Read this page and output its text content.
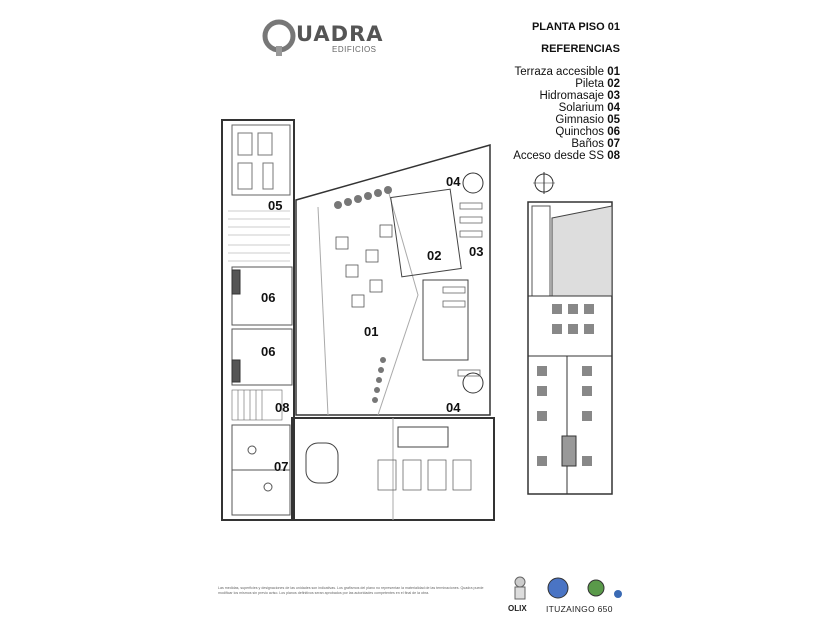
UADRA
EDIFICIOS
PLANTA PISO 01
REFERENCIAS
Terraza accesible 01
Pileta 02
Hidromasaje 03
Solarium 04
Gimnasio 05
Quinchos 06
Baños 07
Acceso desde SS 08
05
06
06
08
07
01
02 03
04
04
Las medidas, superficies y designaciones de las unidades son indicativas. Los grafismos del plano no representan la materialidad de las terminaciones. Quadra puede modificar los mismos sin previo aviso. Los planos definitivos seran aprobados por las autoridades competentes en el final de la obra.
OLIX ITUZAINGO 650
